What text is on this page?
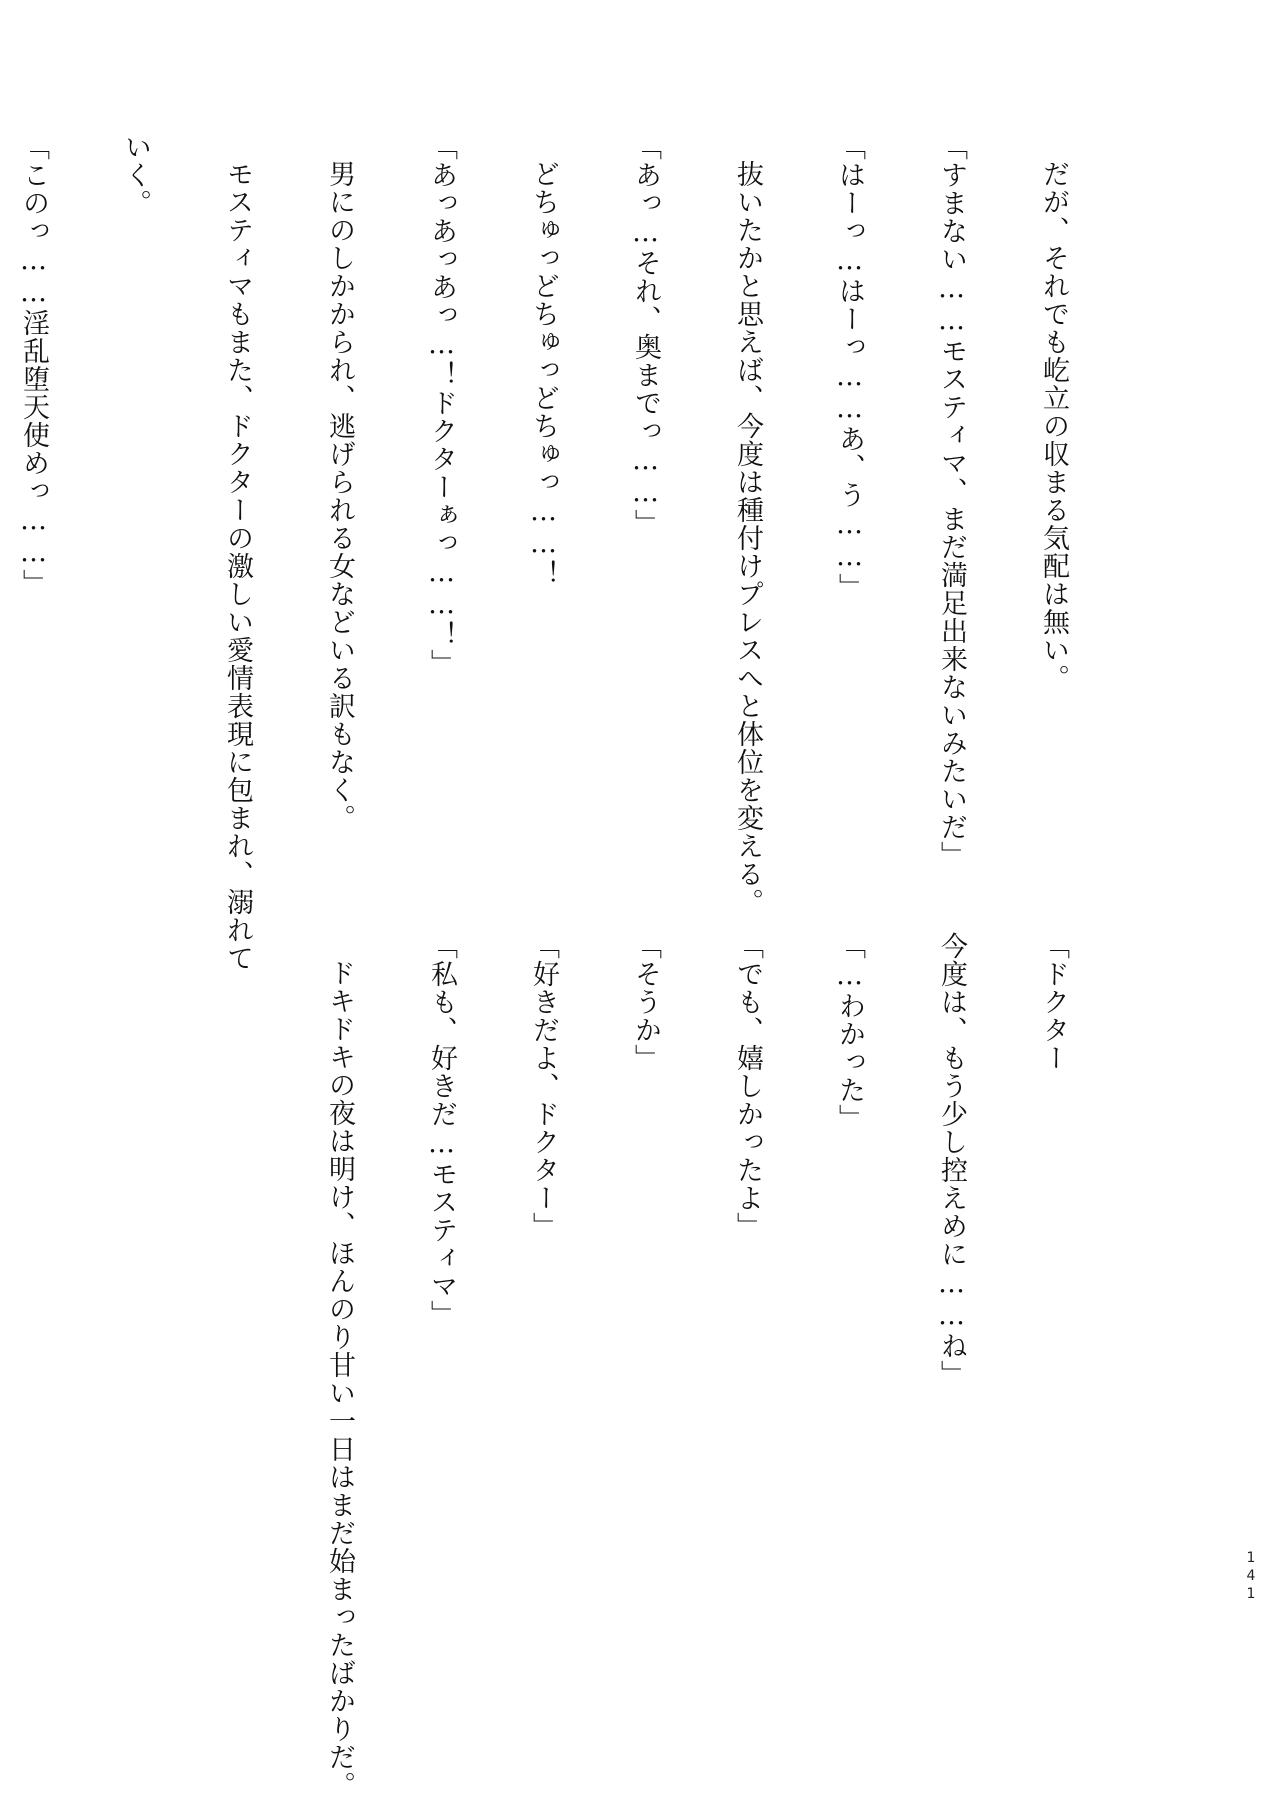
だが、それでも屹立の収まる気配は無い。

「すまない……モスティマ、まだ満足出来ないみたいだ」

「はーっ…はーっ……あ、う……」

抜いたかと思えば、今度は種付けプレスへと体位を変える。

「あっ…それ、奥までっ……」

どちゅっどちゅっどちゅっ……！

「あっあっあっ…！ドクターぁっ……！」

男にのしかかられ、逃げられる女などいる訳もなく。

モスティマもまた、ドクターの激しい愛情表現に包まれ、溺れて

いく。

「このっ……淫乱堕天使めっ……」

「ドクター

今度は、もう少し控えめに……ね」

「…わかった」

「でも、嬉しかったよ」

「そうか」

「好きだよ、ドクター」

「私も、好きだ…モスティマ」

ドキドキの夜は明け、ほんのり甘い一日はまだ始まったばかりだ。

	141
